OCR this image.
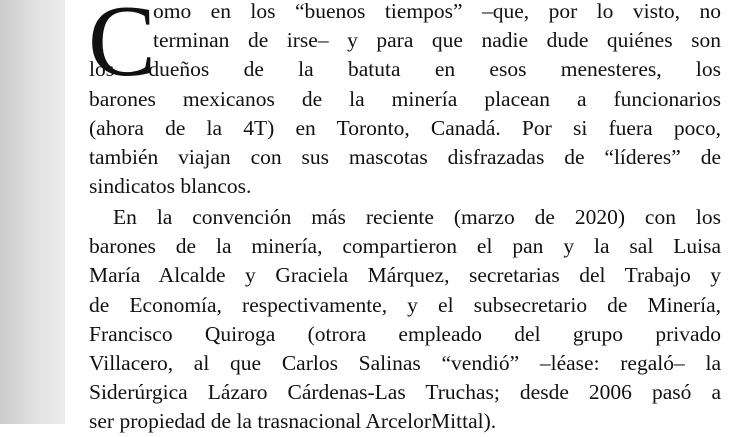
C
omo en los “buenos tiempos” –que, por lo visto, no
terminan de irse– y para que nadie dude quiénes son
los dueños de la batuta en esos menesteres, los
barones mexicanos de la minería placean a funcionarios
(ahora de la 4T) en Toronto, Canadá. Por si fuera poco,
también viajan con sus mascotas disfrazadas de “líderes” de
sindicatos blancos.
En la convención más reciente (marzo de 2020) con los
barones de la minería, compartieron el pan y la sal Luisa
María Alcalde y Graciela Márquez, secretarias del Trabajo y
de Economía, respectivamente, y el subsecretario de Minería,
Francisco Quiroga (otrora empleado del grupo privado
Villacero, al que Carlos Salinas “vendió” –léase: regaló– la
Siderúrgica Lázaro Cárdenas-Las Truchas; desde 2006 pasó a
ser propiedad de la trasnacional ArcelorMittal).
